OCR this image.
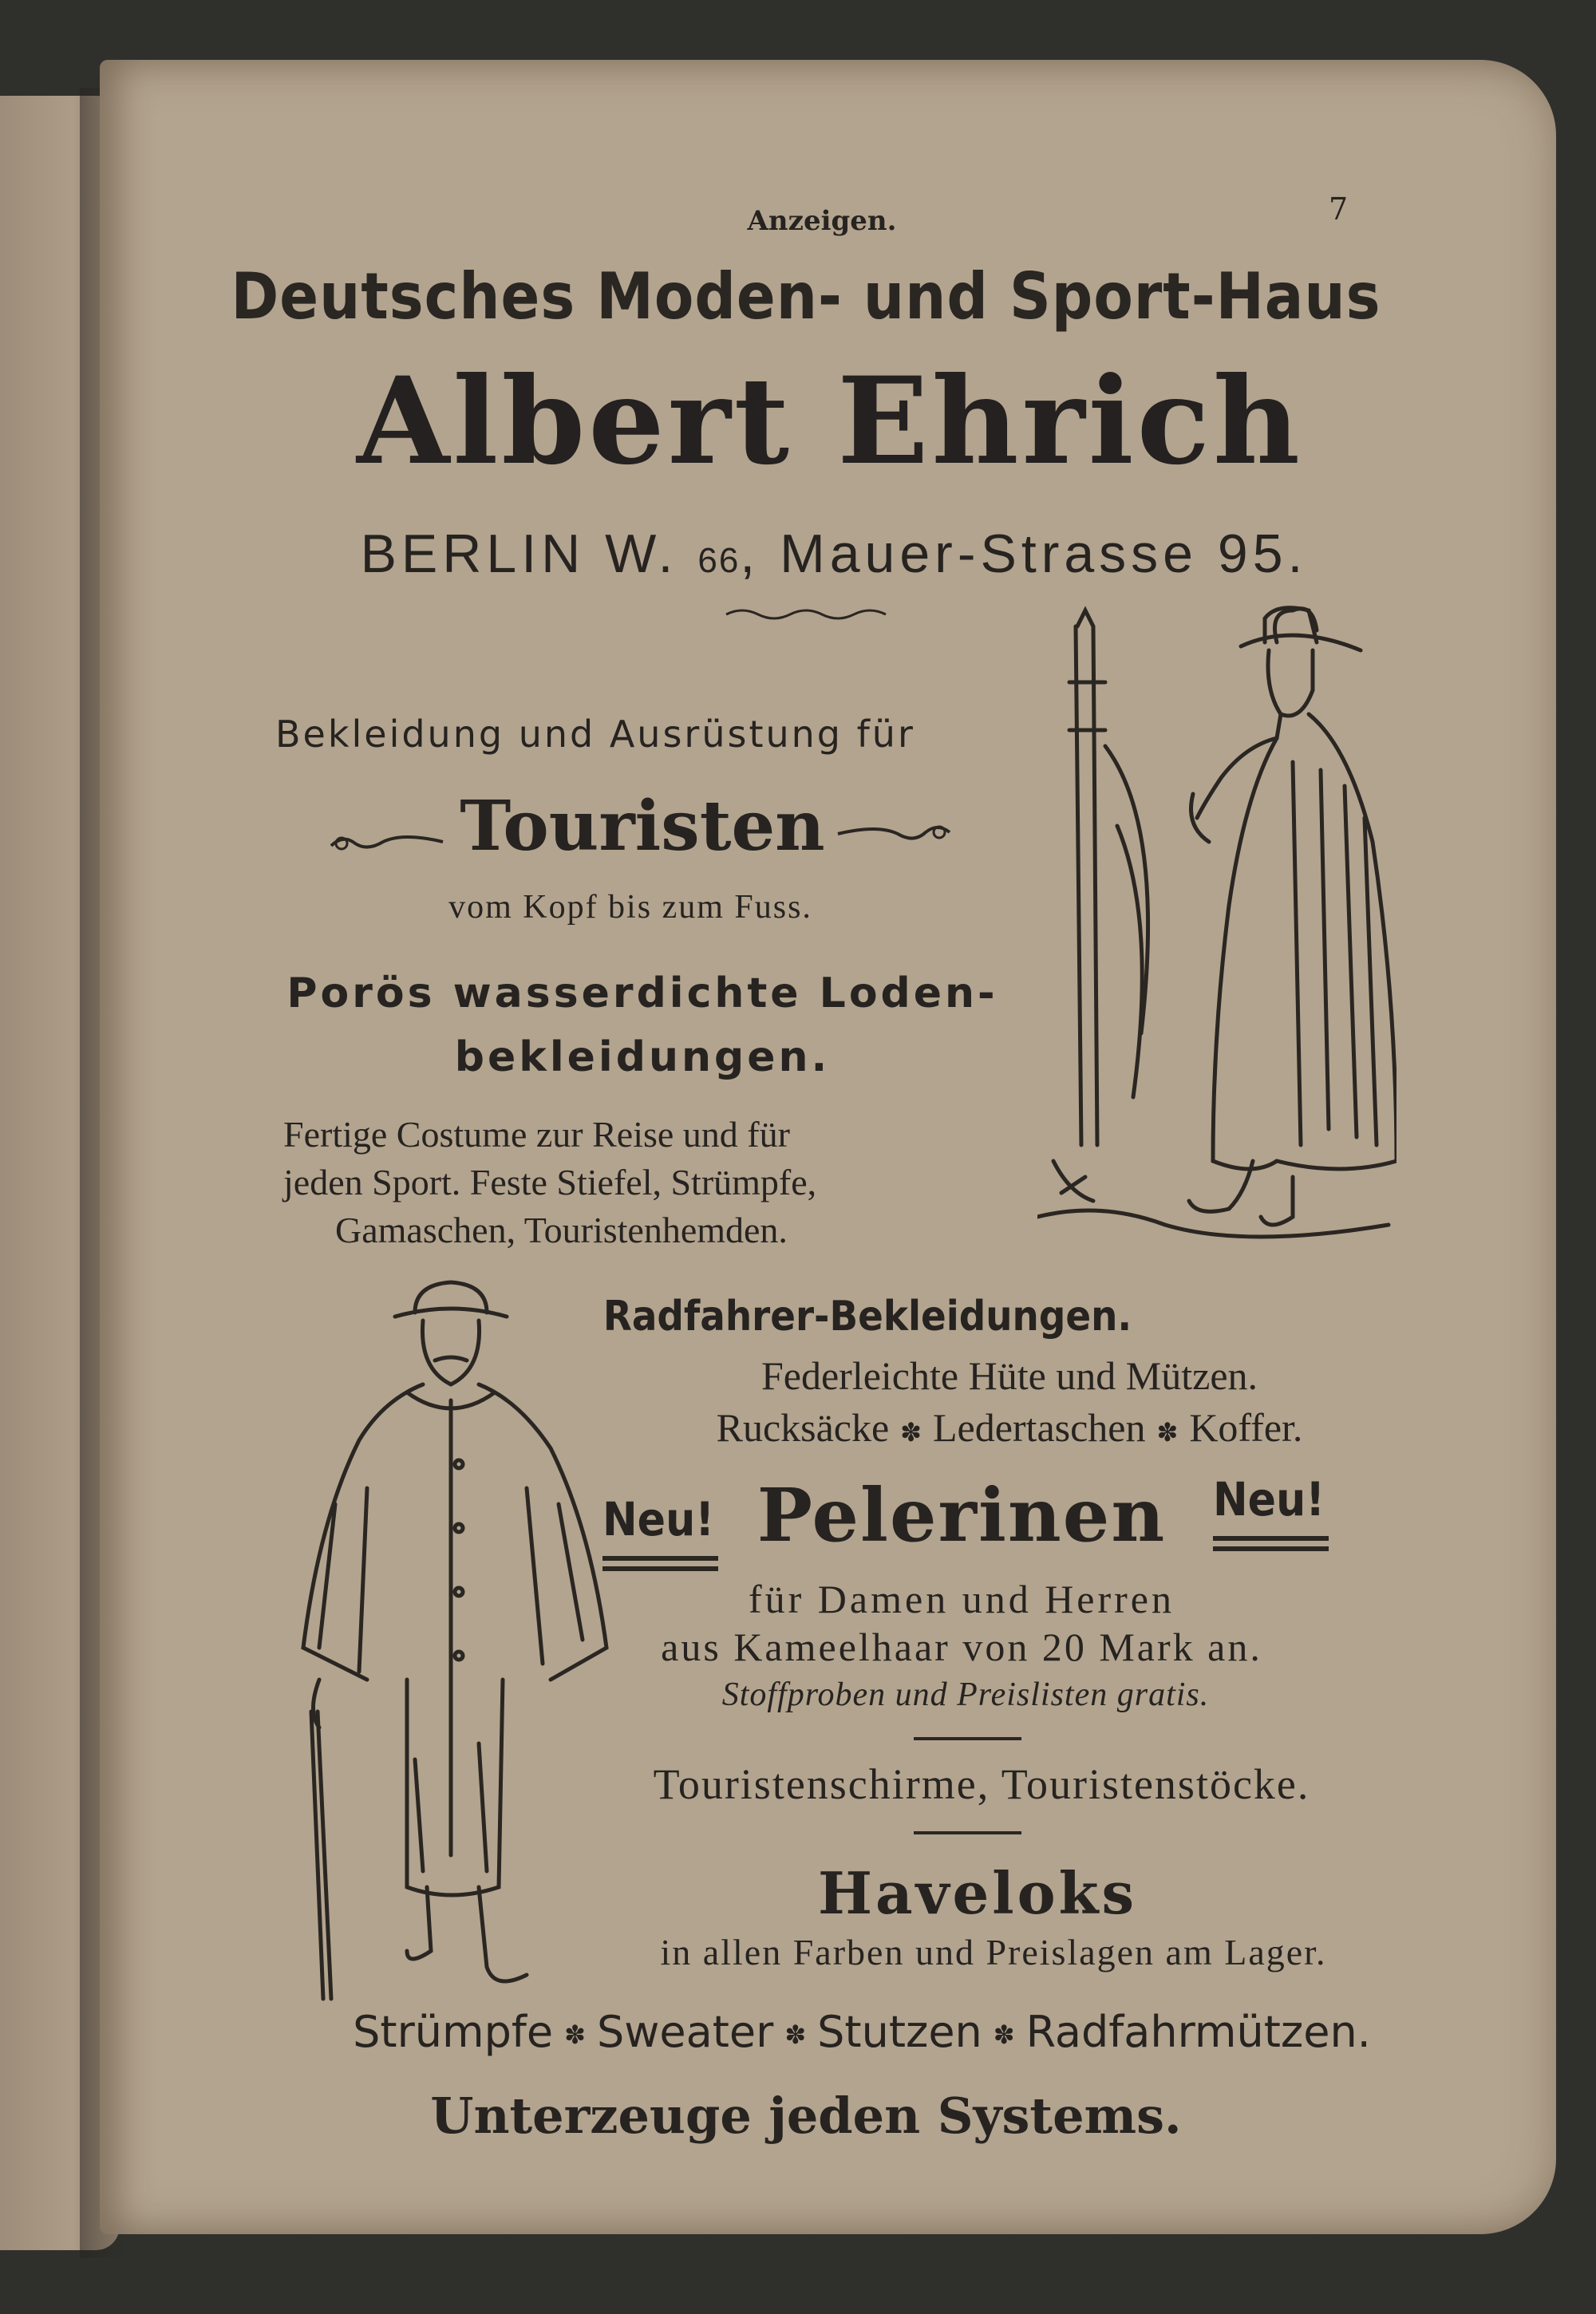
Anzeigen.	7
Deutsches Moden- und Sport-Haus
Albert Ehrich
BERLIN W. 66, Mauer-Strasse 95.
Bekleidung und Ausrüstung für
Touristen
vom Kopf bis zum Fuss.
Porös wasserdichte Loden-
bekleidungen.
Fertige Costume zur Reise und für
jeden Sport. Feste Stiefel, Strümpfe,
Gamaschen, Touristenhemden.
Radfahrer-Bekleidungen.
Federleichte Hüte und Mützen.
Rucksäcke ✽ Ledertaschen ✽ Koffer.
Neu! Pelerinen Neu!
für Damen und Herren
aus Kameelhaar von 20 Mark an.
Stoffproben und Preislisten gratis.
Touristenschirme, Touristenstöcke.
Haveloks
in allen Farben und Preislagen am Lager.
Strümpfe ✽ Sweater ✽ Stutzen ✽ Radfahrmützen.
Unterzeuge jeden Systems.
